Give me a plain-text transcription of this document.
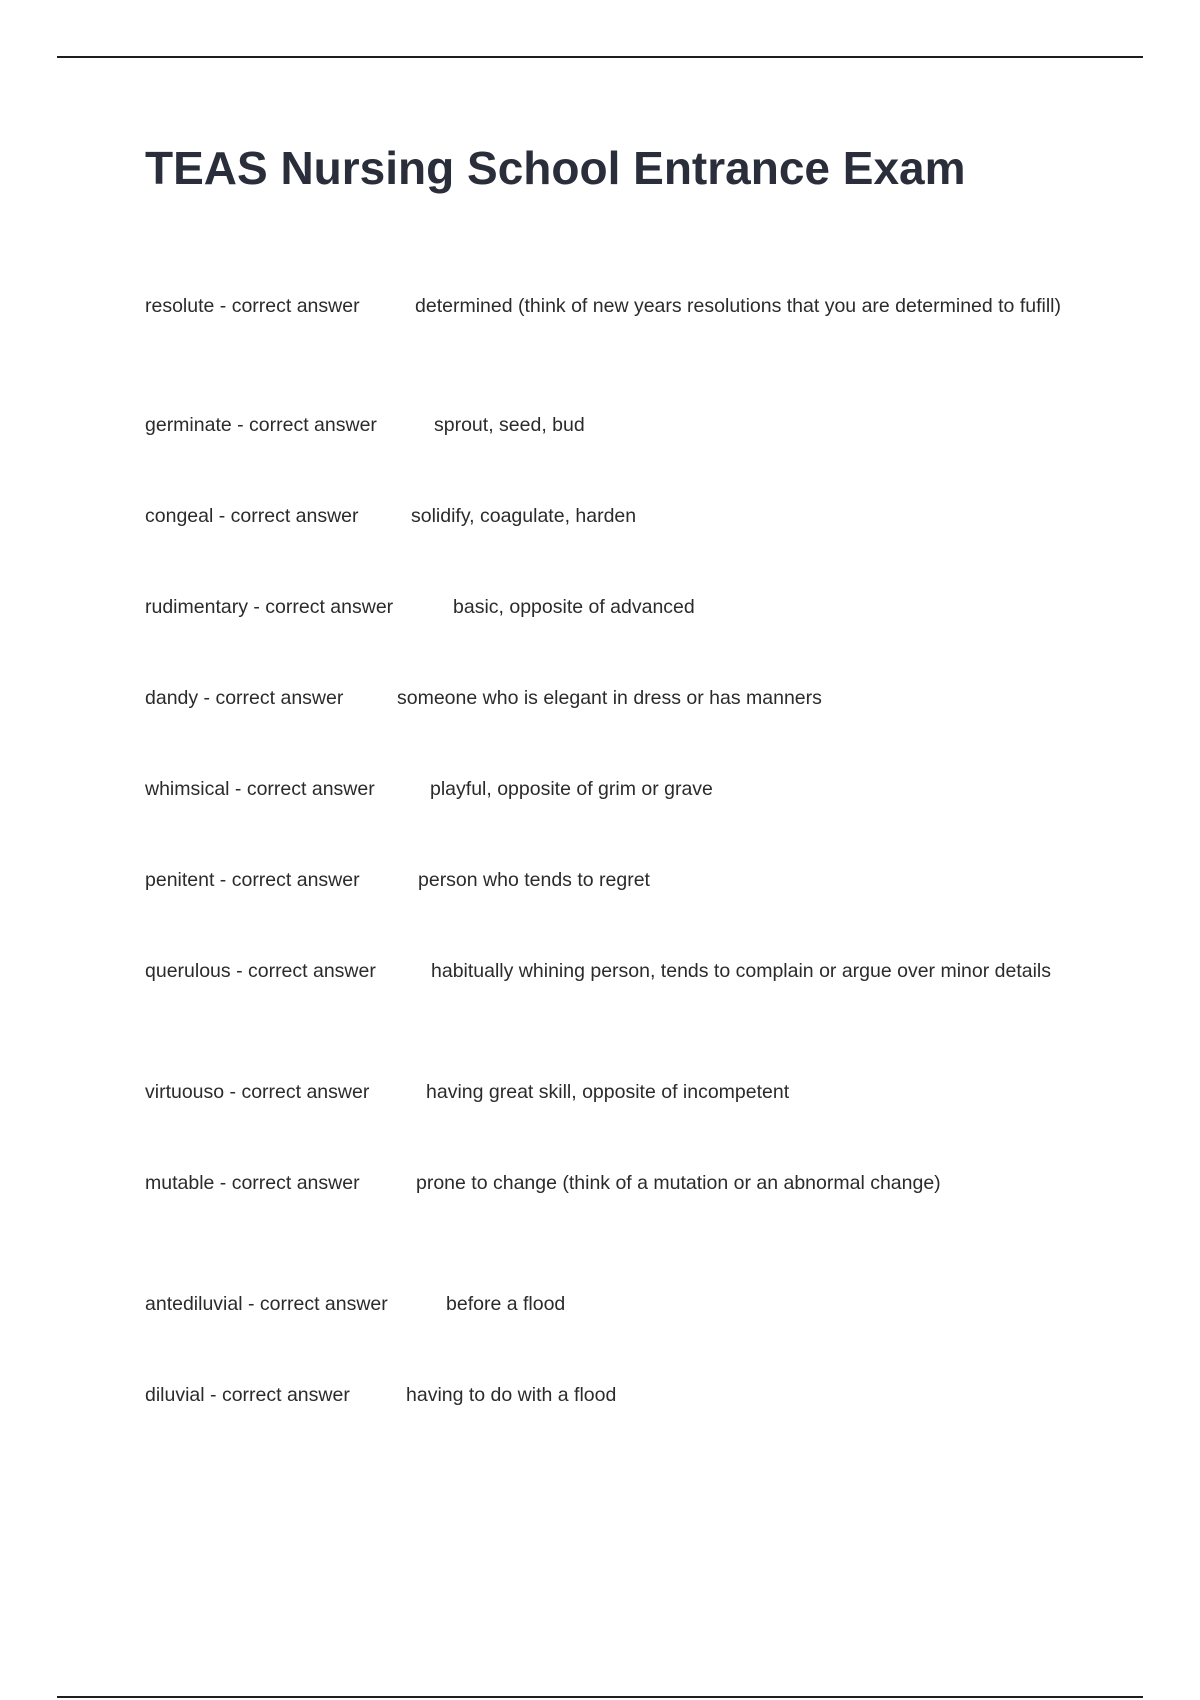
TEAS Nursing School Entrance Exam

resolute - correct answer	determined (think of new years resolutions that you are determined to fufill)

germinate - correct answer	sprout, seed, bud

congeal - correct answer	solidify, coagulate, harden

rudimentary - correct answer	basic, opposite of advanced

dandy - correct answer	someone who is elegant in dress or has manners

whimsical - correct answer	playful, opposite of grim or grave

penitent - correct answer	person who tends to regret

querulous - correct answer	habitually whining person, tends to complain or argue over minor details

virtuouso - correct answer	having great skill, opposite of incompetent

mutable - correct answer	prone to change (think of a mutation or an abnormal change)

antediluvial - correct answer	before a flood

diluvial - correct answer	having to do with a flood
